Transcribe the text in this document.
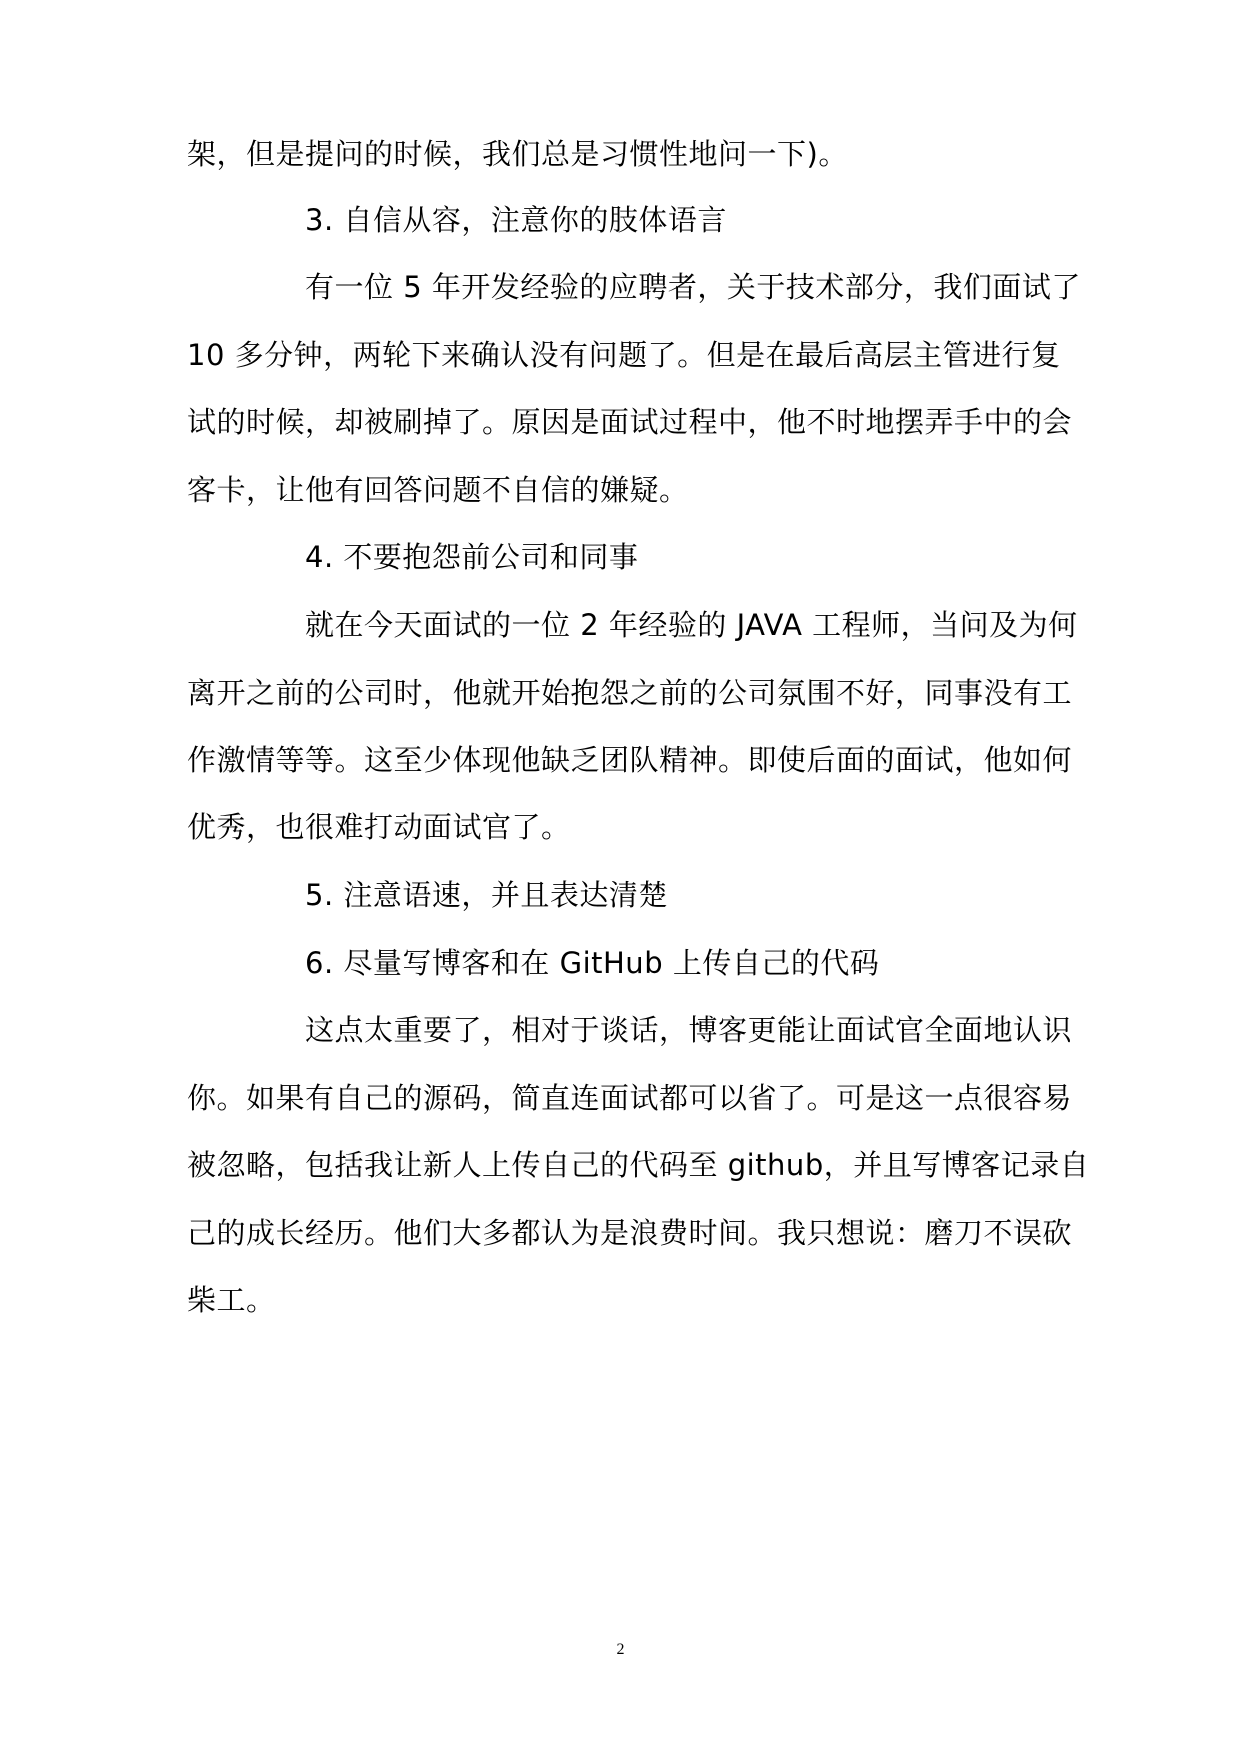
架，但是提问的时候，我们总是习惯性地问一下)。
3. 自信从容，注意你的肢体语言
有一位 5 年开发经验的应聘者，关于技术部分，我们面试了
10 多分钟，两轮下来确认没有问题了。但是在最后高层主管进行复
试的时候，却被刷掉了。原因是面试过程中，他不时地摆弄手中的会
客卡，让他有回答问题不自信的嫌疑。
4. 不要抱怨前公司和同事
就在今天面试的一位 2 年经验的 JAVA 工程师，当问及为何
离开之前的公司时，他就开始抱怨之前的公司氛围不好，同事没有工
作激情等等。这至少体现他缺乏团队精神。即使后面的面试，他如何
优秀，也很难打动面试官了。
5. 注意语速，并且表达清楚
6. 尽量写博客和在 GitHub 上传自己的代码
这点太重要了，相对于谈话，博客更能让面试官全面地认识
你。如果有自己的源码，简直连面试都可以省了。可是这一点很容易
被忽略，包括我让新人上传自己的代码至 github，并且写博客记录自
己的成长经历。他们大多都认为是浪费时间。我只想说：磨刀不误砍
柴工。
2
